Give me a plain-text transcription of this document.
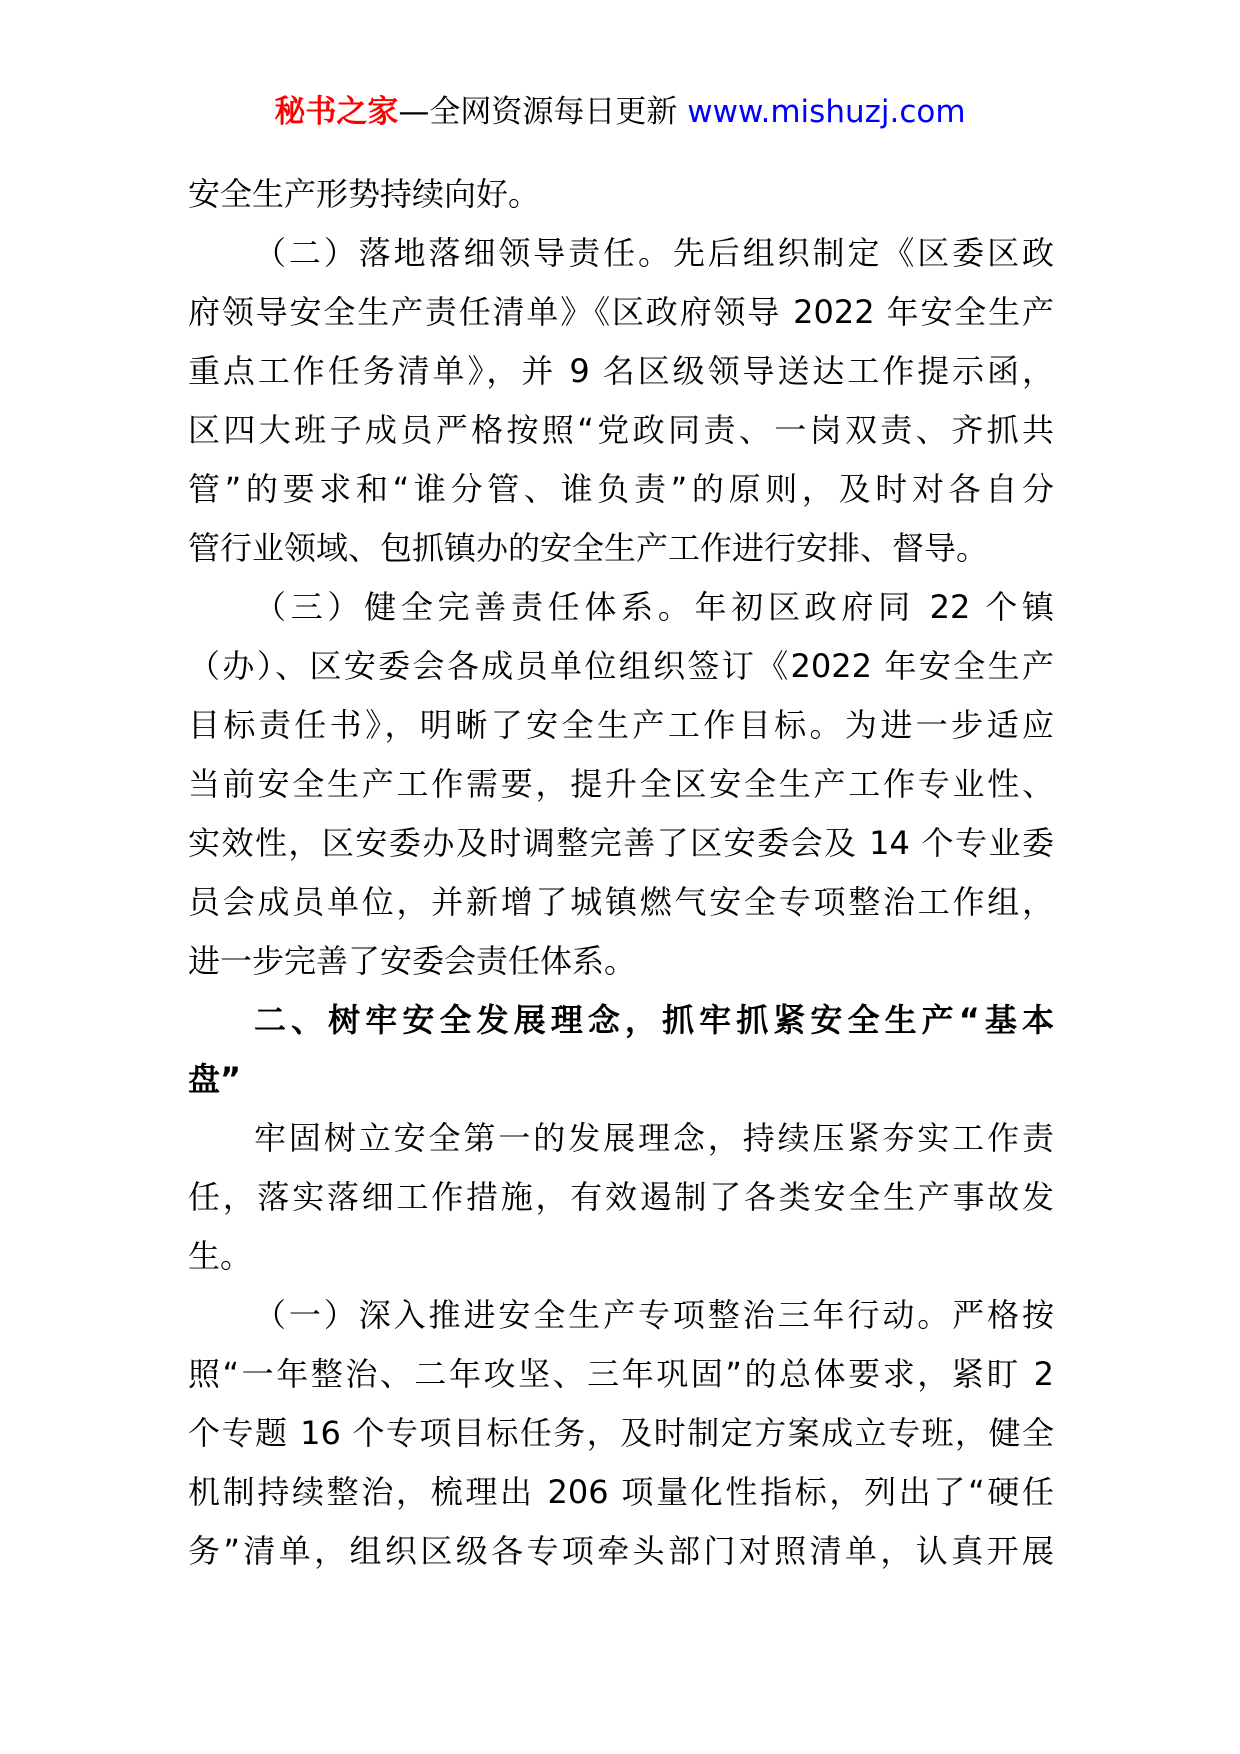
秘书之家—全网资源每日更新 www.mishuzj.com
安全生产形势持续向好。
（二）落地落细领导责任。先后组织制定《区委区政
府领导安全生产责任清单》《区政府领导 2022 年安全生产
重点工作任务清单》，并 9 名区级领导送达工作提示函，
区四大班子成员严格按照“党政同责、一岗双责、齐抓共
管”的要求和“谁分管、谁负责”的原则，及时对各自分
管行业领域、包抓镇办的安全生产工作进行安排、督导。
（三）健全完善责任体系。年初区政府同 22 个镇
（办）、区安委会各成员单位组织签订《2022 年安全生产
目标责任书》，明晰了安全生产工作目标。为进一步适应
当前安全生产工作需要，提升全区安全生产工作专业性、
实效性，区安委办及时调整完善了区安委会及 14 个专业委
员会成员单位，并新增了城镇燃气安全专项整治工作组，
进一步完善了安委会责任体系。
二、树牢安全发展理念，抓牢抓紧安全生产“基本
盘”
牢固树立安全第一的发展理念，持续压紧夯实工作责
任，落实落细工作措施，有效遏制了各类安全生产事故发
生。
（一）深入推进安全生产专项整治三年行动。严格按
照“一年整治、二年攻坚、三年巩固”的总体要求，紧盯 2
个专题 16 个专项目标任务，及时制定方案成立专班，健全
机制持续整治，梳理出 206 项量化性指标，列出了“硬任
务”清单，组织区级各专项牵头部门对照清单，认真开展
